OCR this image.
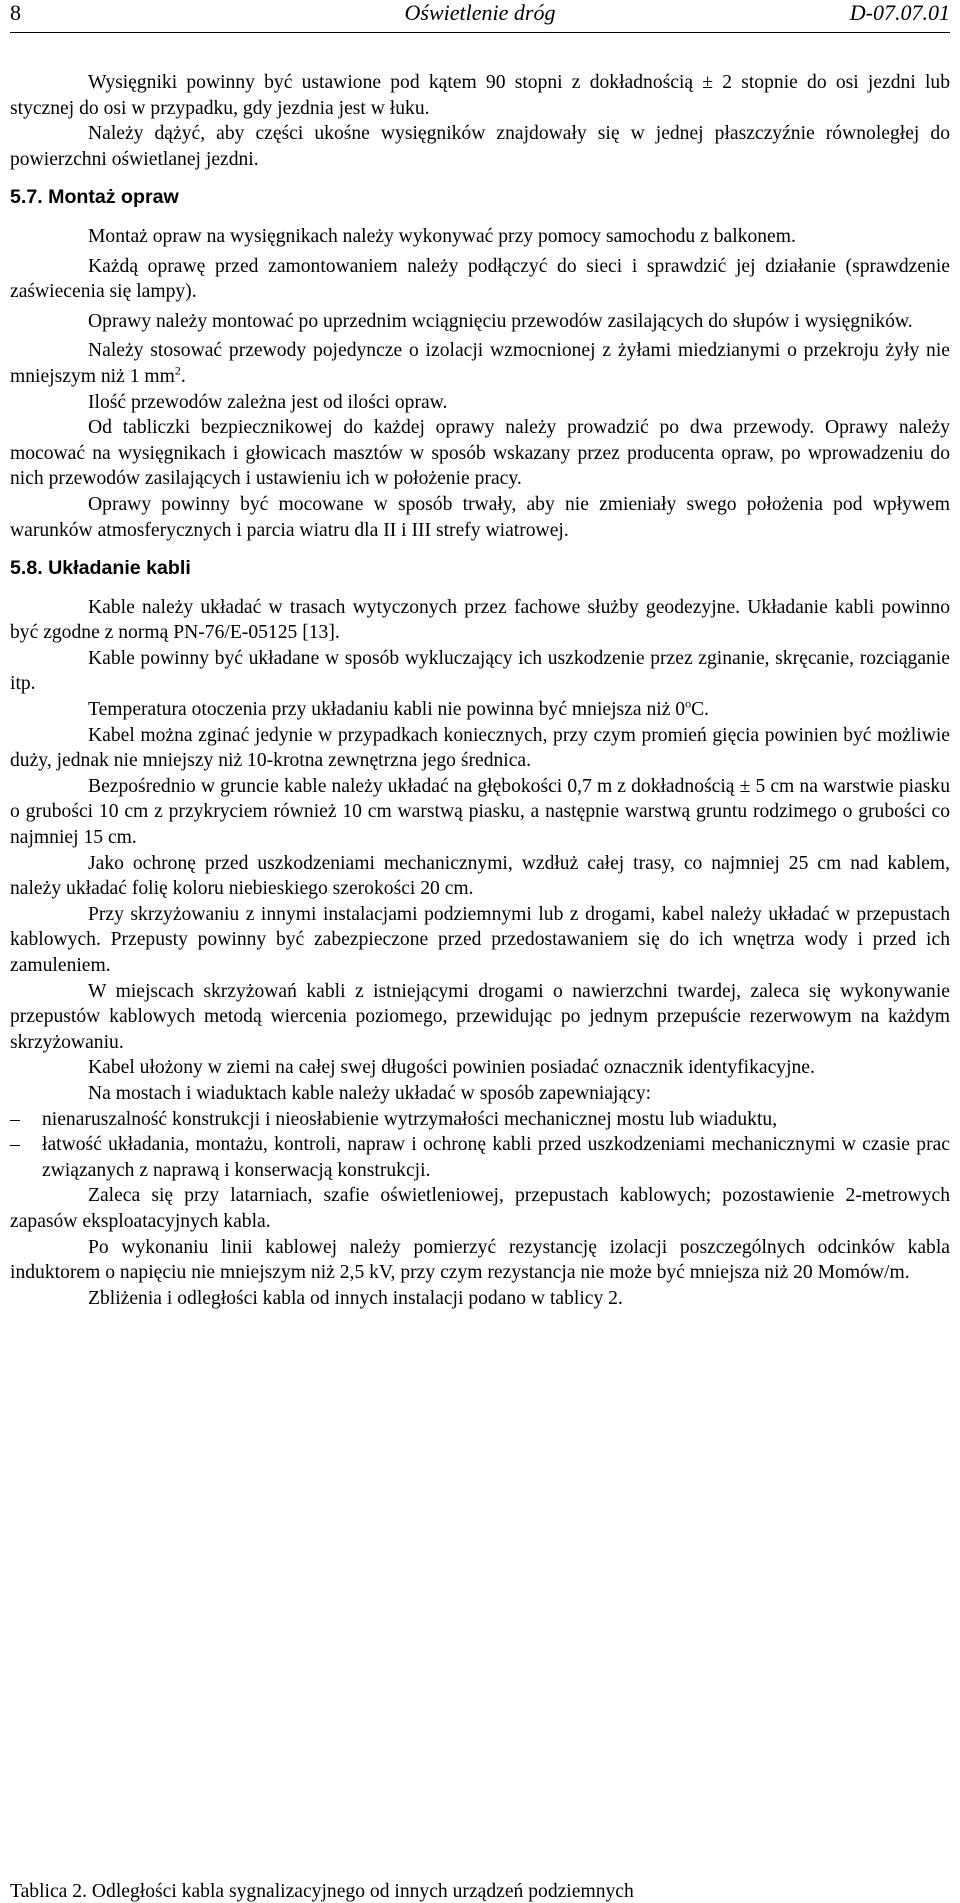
8	Oświetlenie dróg	D-07.07.01

Wysięgniki powinny być ustawione pod kątem 90 stopni z dokładnością ± 2 stopnie do osi jezdni lub stycznej do osi w przypadku, gdy jezdnia jest w łuku.

Należy dążyć, aby części ukośne wysięgników znajdowały się w jednej płaszczyźnie równoległej do powierzchni oświetlanej jezdni.

5.7. Montaż opraw

Montaż opraw na wysięgnikach należy wykonywać przy pomocy samochodu z balkonem.

Każdą oprawę przed zamontowaniem należy podłączyć do sieci i sprawdzić jej działanie (sprawdzenie zaświecenia się lampy).

Oprawy należy montować po uprzednim wciągnięciu przewodów zasilających do słupów i wysięgników.

Należy stosować przewody pojedyncze o izolacji wzmocnionej z żyłami miedzianymi o przekroju żyły nie mniejszym niż 1 $mm^2$.

Ilość przewodów zależna jest od ilości opraw.

Od tabliczki bezpiecznikowej do każdej oprawy należy prowadzić po dwa przewody. Oprawy należy mocować na wysięgnikach i głowicach masztów w sposób wskazany przez producenta opraw, po wprowadzeniu do nich przewodów zasilających i ustawieniu ich w położenie pracy.

Oprawy powinny być mocowane w sposób trwały, aby nie zmieniały swego położenia pod wpływem warunków atmosferycznych i parcia wiatru dla II i III strefy wiatrowej.

5.8. Układanie kabli

Kable należy układać w trasach wytyczonych przez fachowe służby geodezyjne. Układanie kabli powinno być zgodne z normą PN-76/E-05125 [13].

Kable powinny być układane w sposób wykluczający ich uszkodzenie przez zginanie, skręcanie, rozciąganie itp.

Temperatura otoczenia przy układaniu kabli nie powinna być mniejsza niż 0$^o$C.

Kabel można zginać jedynie w przypadkach koniecznych, przy czym promień gięcia powinien być możliwie duży, jednak nie mniejszy niż 10-krotna zewnętrzna jego średnica.

Bezpośrednio w gruncie kable należy układać na głębokości 0,7 m z dokładnością ± 5 cm na warstwie piasku o grubości 10 cm z przykryciem również 10 cm warstwą piasku, a następnie warstwą gruntu rodzimego o grubości co najmniej 15 cm.

Jako ochronę przed uszkodzeniami mechanicznymi, wzdłuż całej trasy, co najmniej 25 cm nad kablem, należy układać folię koloru niebieskiego szerokości 20 cm.

Przy skrzyżowaniu z innymi instalacjami podziemnymi lub z drogami, kabel należy układać w przepustach kablowych. Przepusty powinny być zabezpieczone przed przedostawaniem się do ich wnętrza wody i przed ich zamuleniem.

W miejscach skrzyżowań kabli z istniejącymi drogami o nawierzchni twardej, zaleca się wykonywanie przepustów kablowych metodą wiercenia poziomego, przewidując po jednym przepuście rezerwowym na każdym skrzyżowaniu.

Kabel ułożony w ziemi na całej swej długości powinien posiadać oznacznik identyfikacyjne.

Na mostach i wiaduktach kable należy układać w sposób zapewniający:

– nienaruszalność konstrukcji i nieosłabienie wytrzymałości mechanicznej mostu lub wiaduktu,

– łatwość układania, montażu, kontroli, napraw i ochronę kabli przed uszkodzeniami mechanicznymi w czasie prac związanych z naprawą i konserwacją konstrukcji.

Zaleca się przy latarniach, szafie oświetleniowej, przepustach kablowych; pozostawienie 2-metrowych zapasów eksploatacyjnych kabla.

Po wykonaniu linii kablowej należy pomierzyć rezystancję izolacji poszczególnych odcinków kabla induktorem o napięciu nie mniejszym niż 2,5 kV, przy czym rezystancja nie może być mniejsza niż 20 Momów/m.

Zbliżenia i odległości kabla od innych instalacji podano w tablicy 2.

Tablica 2. Odległości kabla sygnalizacyjnego od innych urządzeń podziemnych
